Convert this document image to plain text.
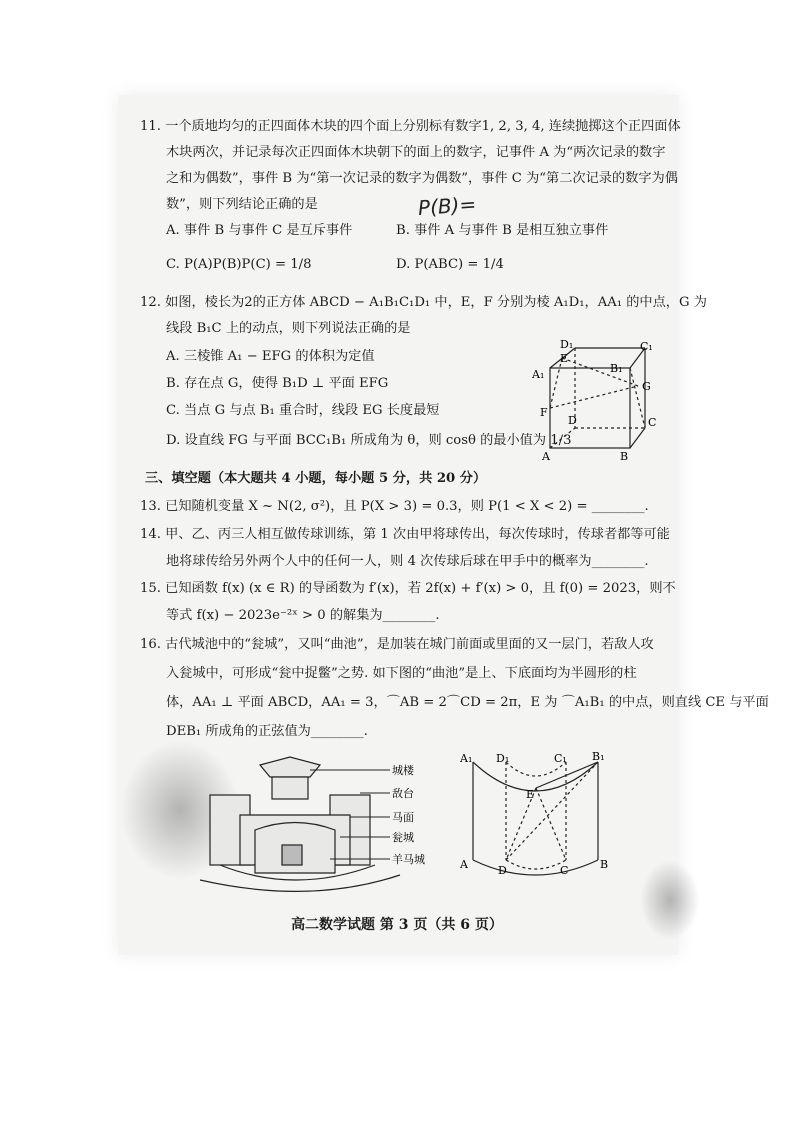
11. 一个质地均匀的正四面体木块的四个面上分别标有数字1, 2, 3, 4, 连续抛掷这个正四面体
木块两次，并记录每次正四面体木块朝下的面上的数字，记事件 A 为“两次记录的数字
之和为偶数”，事件 B 为“第一次记录的数字为偶数”，事件 C 为“第二次记录的数字为偶
数”，则下列结论正确的是	P(B)=
A. 事件 B 与事件 C 是互斥事件	B. 事件 A 与事件 B 是相互独立事件
C. P(A)P(B)P(C) = 1/8	D. P(ABC) = 1/4
12. 如图，棱长为2的正方体 ABCD − A₁B₁C₁D₁ 中，E，F 分别为棱 A₁D₁，AA₁ 的中点，G 为
线段 B₁C 上的动点，则下列说法正确的是
A. 三棱锥 A₁ − EFG 的体积为定值
B. 存在点 G，使得 B₁D ⊥ 平面 EFG
C. 当点 G 与点 B₁ 重合时，线段 EG 长度最短
D. 设直线 FG 与平面 BCC₁B₁ 所成角为 θ，则 cosθ 的最小值为 1/3
D₁	C₁
A₁	B₁
G
F
D	C
A	B
E
三、填空题（本大题共 4 小题，每小题 5 分，共 20 分）
13. 已知随机变量 X ~ N(2, σ²)，且 P(X > 3) = 0.3，则 P(1 < X < 2) = ________.
14. 甲、乙、丙三人相互做传球训练，第 1 次由甲将球传出，每次传球时，传球者都等可能
地将球传给另外两个人中的任何一人，则 4 次传球后球在甲手中的概率为________.
15. 已知函数 f(x) (x ∈ R) 的导函数为 f′(x)，若 2f(x) + f′(x) > 0，且 f(0) = 2023，则不
等式 f(x) − 2023e⁻²ˣ > 0 的解集为________.
16. 古代城池中的“瓮城”，又叫“曲池”，是加装在城门前面或里面的又一层门，若敌人攻
入瓮城中，可形成“瓮中捉鳖”之势. 如下图的“曲池”是上、下底面均为半圆形的柱
体，AA₁ ⊥ 平面 ABCD，AA₁ = 3，⌒AB = 2⌒CD = 2π，E 为 ⌒A₁B₁ 的中点，则直线 CE 与平面
DEB₁ 所成角的正弦值为________.
城楼
敌台
马面
瓮城
羊马城
A₁ D₁	C₁ B₁
E
A	D	C	B
高二数学试题 第 3 页（共 6 页）
